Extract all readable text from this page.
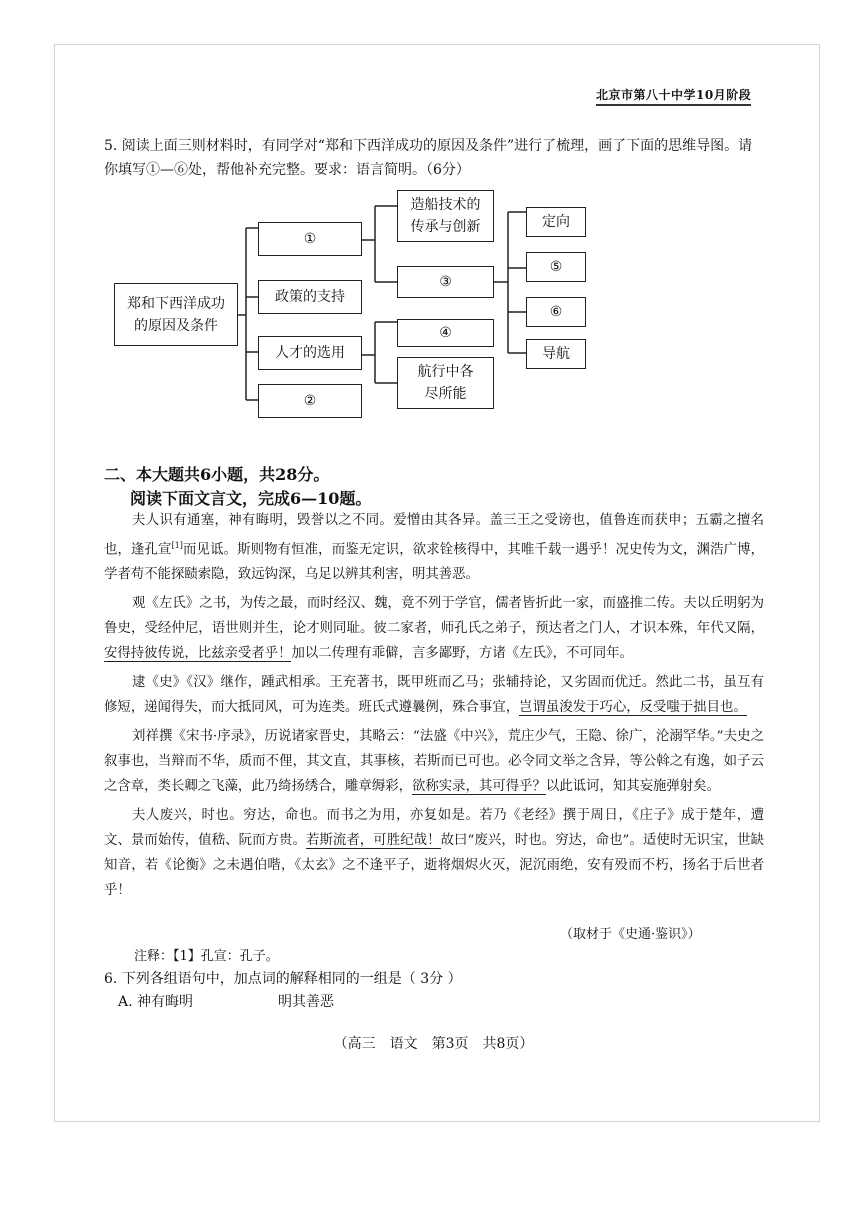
北京市第八十中学10月阶段

5. 阅读上面三则材料时，有同学对“郑和下西洋成功的原因及条件”进行了梳理，画了下面的思维导图。请

你填写①—⑥处，帮他补充完整。要求：语言简明。（6分）

郑和下西洋成功的原因及条件
①
政策的支持
人才的选用
②
造船技术的传承与创新
③
④
航行中各尽所能
定向
⑤
⑥
导航
二、本大题共6小题，共28分。
阅读下面文言文，完成6—10题。

夫人识有通塞，神有晦明，毁誉以之不同。爱憎由其各异。盖三王之受谤也，值鲁连而获申；五霸之擅名也，逢孔宣[1]而见诋。斯则物有恒准，而鉴无定识，欲求铨核得中，其唯千载一遇乎！况史传为文，渊浩广博，学者苟不能探赜索隐，致远钩深，乌足以辨其利害，明其善恶。

观《左氏》之书，为传之最，而时经汉、魏，竟不列于学官，儒者皆折此一家，而盛推二传。夫以丘明躬为鲁史，受经仲尼，语世则并生，论才则同耻。彼二家者，师孔氏之弟子，预达者之门人，才识本殊，年代又隔，安得持彼传说，比兹亲受者乎！加以二传理有乖僻，言多鄙野，方诸《左氏》，不可同年。

逮《史》《汉》继作，踵武相承。王充著书，既甲班而乙马；张辅持论，又劣固而优迁。然此二书，虽互有修短，递闻得失，而大抵同风，可为连类。班氏式遵曩例，殊合事宜，岂谓虽浚发于巧心，反受嗤于拙目也。

刘祥撰《宋书·序录》，历说诸家晋史，其略云：“法盛《中兴》，荒庄少气，王隐、徐广，沦溺罕华。”夫史之叙事也，当辩而不华，质而不俚，其文直，其事核，若斯而已可也。必令同文举之含异，等公斡之有逸，如子云之含章，类长卿之飞藻，此乃绮扬绣合，雕章缛彩，欲称实录，其可得乎？以此诋诃，知其妄施弹射矣。

夫人废兴，时也。穷达，命也。而书之为用，亦复如是。若乃《老经》撰于周日，《庄子》成于楚年，遭文、景而始传，值嵇、阮而方贵。若斯流者，可胜纪哉！故曰“废兴，时也。穷达，命也”。适使时无识宝，世缺知音，若《论衡》之未遇伯喈，《太玄》之不逢平子，逝将烟烬火灭，泥沉雨绝，安有殁而不朽，扬名于后世者乎！

（取材于《史通·鉴识》）
注释：【1】孔宣：孔子。
6. 下列各组语句中，加点词的解释相同的一组是（ 3分 ）
A. 神有晦明	明其善恶
（高三　语文　第3页　共8页）
